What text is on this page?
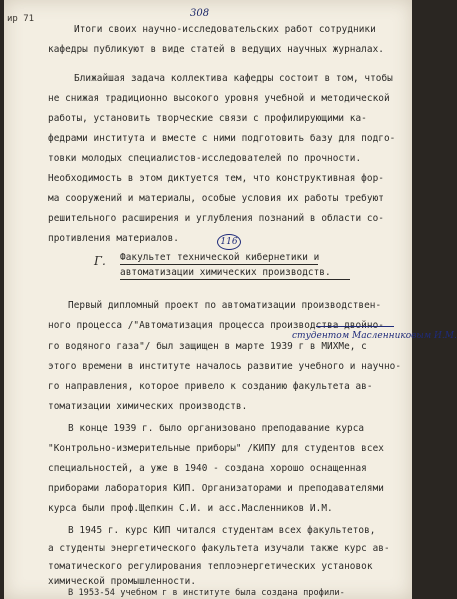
ир 71	308
Итоги своих научно-исследовательских работ сотрудники
кафедры публикуют в виде статей в ведущих научных журналах.
Ближайшая задача коллектива кафедры состоит в том, чтобы
не снижая традиционно высокого уровня учебной и методической
работы, установить творческие связи с профилирующими ка-
федрами института и вместе с ними подготовить базу для подго-
товки молодых специалистов-исследователей по прочности.
Необходимость в этом диктуется тем, что конструктивная фор-
ма сооружений и материалы, особые условия их работы требуют
решительного расширения и углубления познаний в области со-
противления материалов.	116
Г. Факультет технической кибернетики и
автоматизации химических производств.
Первый дипломный проект по автоматизации производствен-
ного процесса /"Автоматизация процесса производства двойно-
студентом Масленниковым И.М.
го водяного газа"/ был защищен в марте 1939 г в МИХМе, с
этого времени в институте началось развитие учебного и научно-
го направления, которое привело к созданию факультета ав-
томатизации химических производств.
В конце 1939 г. было организовано преподавание курса
"Контрольно-измерительные приборы" /КИПУ для студентов всех
специальностей, а уже в 1940 - создана хорошо оснащенная
приборами лаборатория КИП. Организаторами и преподавателями
курса были проф.Щепкин С.И. и асс.Масленников И.М.
В 1945 г. курс КИП читался студентам всех факультетов,
а студенты энергетического факультета изучали также курс ав-
томатического регулирования теплоэнергетических установок
химической промышленности.
В 1953-54 учебном г в институте была создана профили-
